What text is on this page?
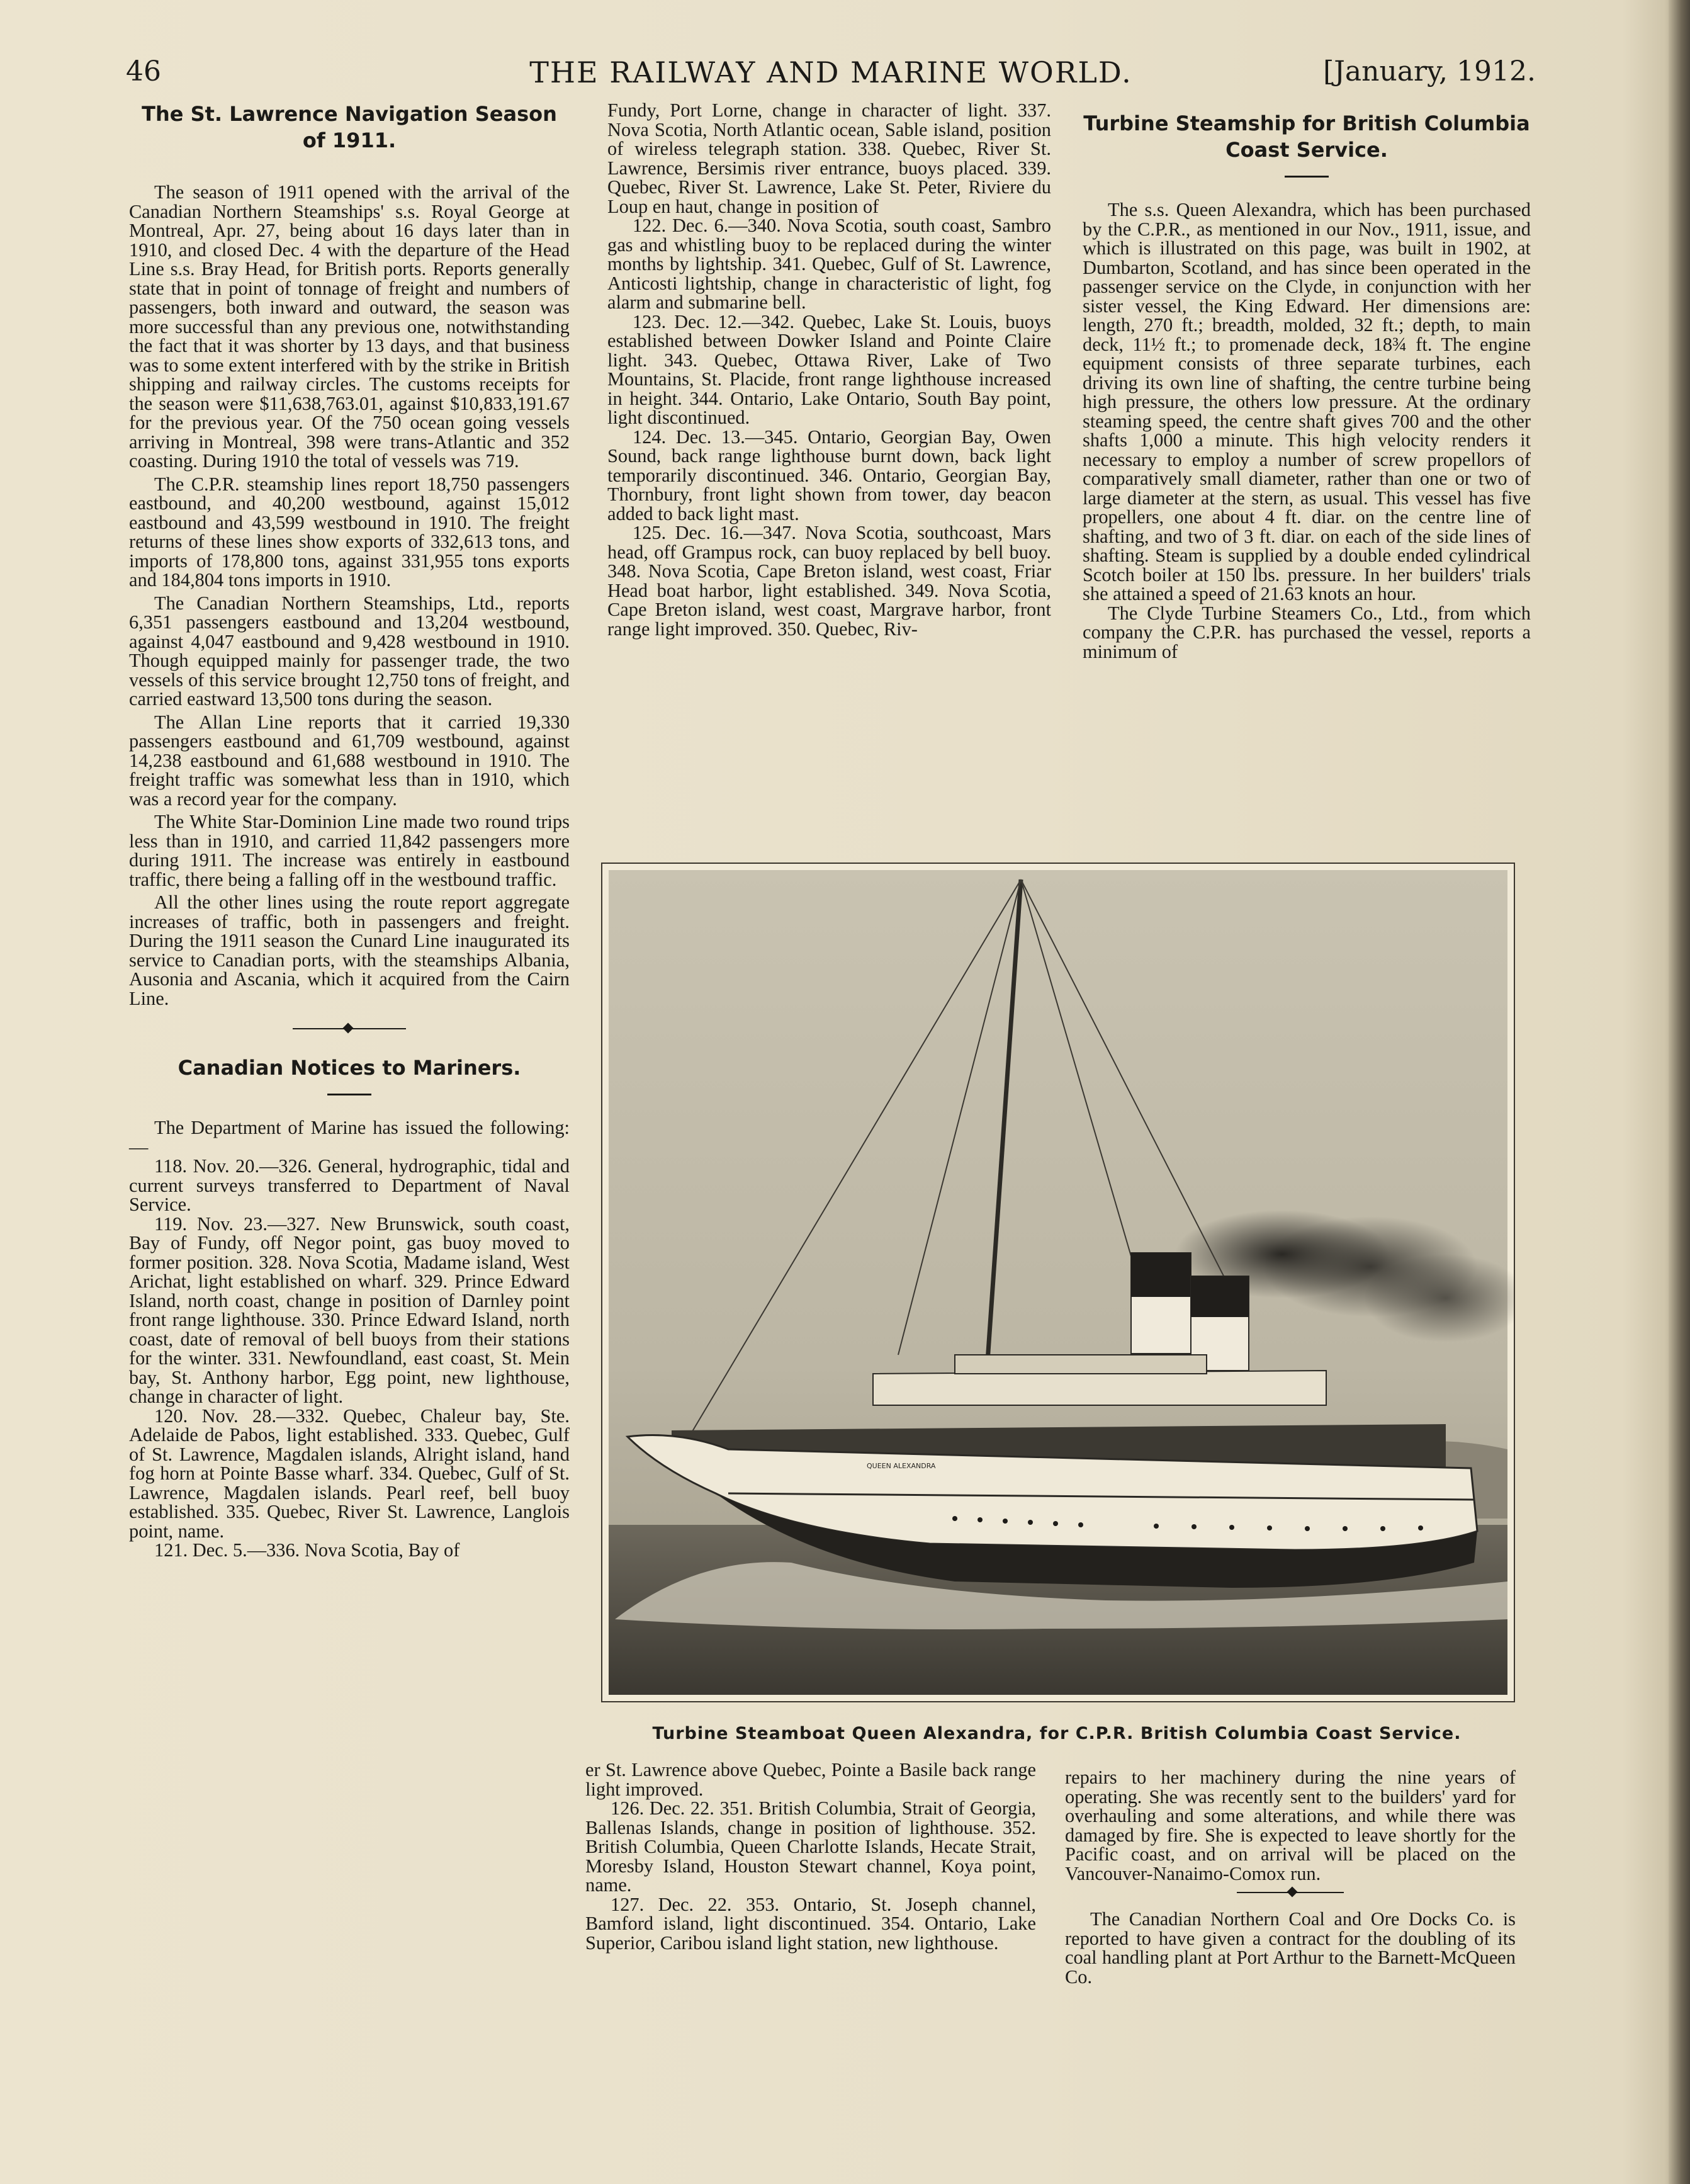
46	THE RAILWAY AND MARINE WORLD.	[January, 1912.
The St. Lawrence Navigation Season of 1911.

The season of 1911 opened with the arrival of the Canadian Northern Steamships' s.s. Royal George at Montreal, Apr. 27, being about 16 days later than in 1910, and closed Dec. 4 with the departure of the Head Line s.s. Bray Head, for British ports. Reports generally state that in point of tonnage of freight and numbers of passengers, both inward and outward, the season was more successful than any previous one, notwithstanding the fact that it was shorter by 13 days, and that business was to some extent interfered with by the strike in British shipping and railway circles. The customs receipts for the season were $11,638,763.01, against $10,833,191.67 for the previous year. Of the 750 ocean going vessels arriving in Montreal, 398 were trans-Atlantic and 352 coasting. During 1910 the total of vessels was 719.

The C.P.R. steamship lines report 18,750 passengers eastbound, and 40,200 westbound, against 15,012 eastbound and 43,599 westbound in 1910. The freight returns of these lines show exports of 332,613 tons, and imports of 178,800 tons, against 331,955 tons exports and 184,804 tons imports in 1910.

The Canadian Northern Steamships, Ltd., reports 6,351 passengers eastbound and 13,204 westbound, against 4,047 eastbound and 9,428 westbound in 1910. Though equipped mainly for passenger trade, the two vessels of this service brought 12,750 tons of freight, and carried eastward 13,500 tons during the season.

The Allan Line reports that it carried 19,330 passengers eastbound and 61,709 westbound, against 14,238 eastbound and 61,688 westbound in 1910. The freight traffic was somewhat less than in 1910, which was a record year for the company.

The White Star-Dominion Line made two round trips less than in 1910, and carried 11,842 passengers more during 1911. The increase was entirely in eastbound traffic, there being a falling off in the westbound traffic.

All the other lines using the route report aggregate increases of traffic, both in passengers and freight. During the 1911 season the Cunard Line inaugurated its service to Canadian ports, with the steamships Albania, Ausonia and Ascania, which it acquired from the Cairn Line.

Canadian Notices to Mariners.

The Department of Marine has issued the following:—

118. Nov. 20.—326. General, hydrographic, tidal and current surveys transferred to Department of Naval Service.

119. Nov. 23.—327. New Brunswick, south coast, Bay of Fundy, off Negor point, gas buoy moved to former position. 328. Nova Scotia, Madame island, West Arichat, light established on wharf. 329. Prince Edward Island, north coast, change in position of Darnley point front range lighthouse. 330. Prince Edward Island, north coast, date of removal of bell buoys from their stations for the winter. 331. Newfoundland, east coast, St. Mein bay, St. Anthony harbor, Egg point, new lighthouse, change in character of light.

120. Nov. 28.—332. Quebec, Chaleur bay, Ste. Adelaide de Pabos, light established. 333. Quebec, Gulf of St. Lawrence, Magdalen islands, Alright island, hand fog horn at Pointe Basse wharf. 334. Quebec, Gulf of St. Lawrence, Magdalen islands. Pearl reef, bell buoy established. 335. Quebec, River St. Lawrence, Langlois point, name.

121. Dec. 5.—336. Nova Scotia, Bay of

Fundy, Port Lorne, change in character of light. 337. Nova Scotia, North Atlantic ocean, Sable island, position of wireless telegraph station. 338. Quebec, River St. Lawrence, Bersimis river entrance, buoys placed. 339. Quebec, River St. Lawrence, Lake St. Peter, Riviere du Loup en haut, change in position of

122. Dec. 6.—340. Nova Scotia, south coast, Sambro gas and whistling buoy to be replaced during the winter months by lightship. 341. Quebec, Gulf of St. Lawrence, Anticosti lightship, change in characteristic of light, fog alarm and submarine bell.

123. Dec. 12.—342. Quebec, Lake St. Louis, buoys established between Dowker Island and Pointe Claire light. 343. Quebec, Ottawa River, Lake of Two Mountains, St. Placide, front range lighthouse increased in height. 344. Ontario, Lake Ontario, South Bay point, light discontinued.

124. Dec. 13.—345. Ontario, Georgian Bay, Owen Sound, back range lighthouse burnt down, back light temporarily discontinued. 346. Ontario, Georgian Bay, Thornbury, front light shown from tower, day beacon added to back light mast.

125. Dec. 16.—347. Nova Scotia, southcoast, Mars head, off Grampus rock, can buoy replaced by bell buoy. 348. Nova Scotia, Cape Breton island, west coast, Friar Head boat harbor, light established. 349. Nova Scotia, Cape Breton island, west coast, Margrave harbor, front range light improved. 350. Quebec, Riv-

Turbine Steamship for British Columbia Coast Service.

The s.s. Queen Alexandra, which has been purchased by the C.P.R., as mentioned in our Nov., 1911, issue, and which is illustrated on this page, was built in 1902, at Dumbarton, Scotland, and has since been operated in the passenger service on the Clyde, in conjunction with her sister vessel, the King Edward. Her dimensions are: length, 270 ft.; breadth, molded, 32 ft.; depth, to main deck, 11½ ft.; to promenade deck, 18¾ ft. The engine equipment consists of three separate turbines, each driving its own line of shafting, the centre turbine being high pressure, the others low pressure. At the ordinary steaming speed, the centre shaft gives 700 and the other shafts 1,000 a minute. This high velocity renders it necessary to employ a number of screw propellors of comparatively small diameter, rather than one or two of large diameter at the stern, as usual. This vessel has five propellers, one about 4 ft. diar. on the centre line of shafting, and two of 3 ft. diar. on each of the side lines of shafting. Steam is supplied by a double ended cylindrical Scotch boiler at 150 lbs. pressure. In her builders' trials she attained a speed of 21.63 knots an hour.

The Clyde Turbine Steamers Co., Ltd., from which company the C.P.R. has purchased the vessel, reports a minimum of

QUEEN ALEXANDRA
Turbine Steamboat Queen Alexandra, for C.P.R. British Columbia Coast Service.

er St. Lawrence above Quebec, Pointe a Basile back range light improved.

126. Dec. 22. 351. British Columbia, Strait of Georgia, Ballenas Islands, change in position of lighthouse. 352. British Columbia, Queen Charlotte Islands, Hecate Strait, Moresby Island, Houston Stewart channel, Koya point, name.

127. Dec. 22. 353. Ontario, St. Joseph channel, Bamford island, light discontinued. 354. Ontario, Lake Superior, Caribou island light station, new lighthouse.

repairs to her machinery during the nine years of operating. She was recently sent to the builders' yard for overhauling and some alterations, and while there was damaged by fire. She is expected to leave shortly for the Pacific coast, and on arrival will be placed on the Vancouver-Nanaimo-Comox run.

The Canadian Northern Coal and Ore Docks Co. is reported to have given a contract for the doubling of its coal handling plant at Port Arthur to the Barnett-McQueen Co.
